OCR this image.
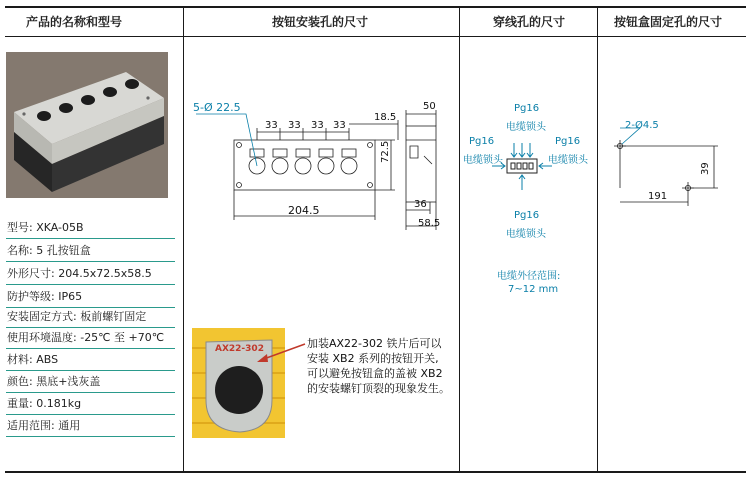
产品的名称和型号	按钮安装孔的尺寸	穿线孔的尺寸	按钮盒固定孔的尺寸
型号: XKA-05B
名称: 5 孔按钮盒
外形尺寸: 204.5x72.5x58.5
防护等级: IP65
安装固定方式: 板前螺钉固定
使用环境温度: -25℃ 至 +70℃
材料: ABS
颜色: 黑底+浅灰盖
重量: 0.181kg
适用范围: 通用
5-Ø 22.5
33 33 33 33
18.5
72.5
204.5
50
36
58.5
AX22-302	加装AX22-302 铁片后可以
安装 XB2 系列的按钮开关,
可以避免按钮盒的盖被 XB2
的安装螺钉顶裂的现象发生。
Pg16
电缆锁头
Pg16
电缆锁头
Pg16
电缆锁头
Pg16
电缆锁头
电缆外径范围:
7~12 mm
2-Ø4.5
39
191
